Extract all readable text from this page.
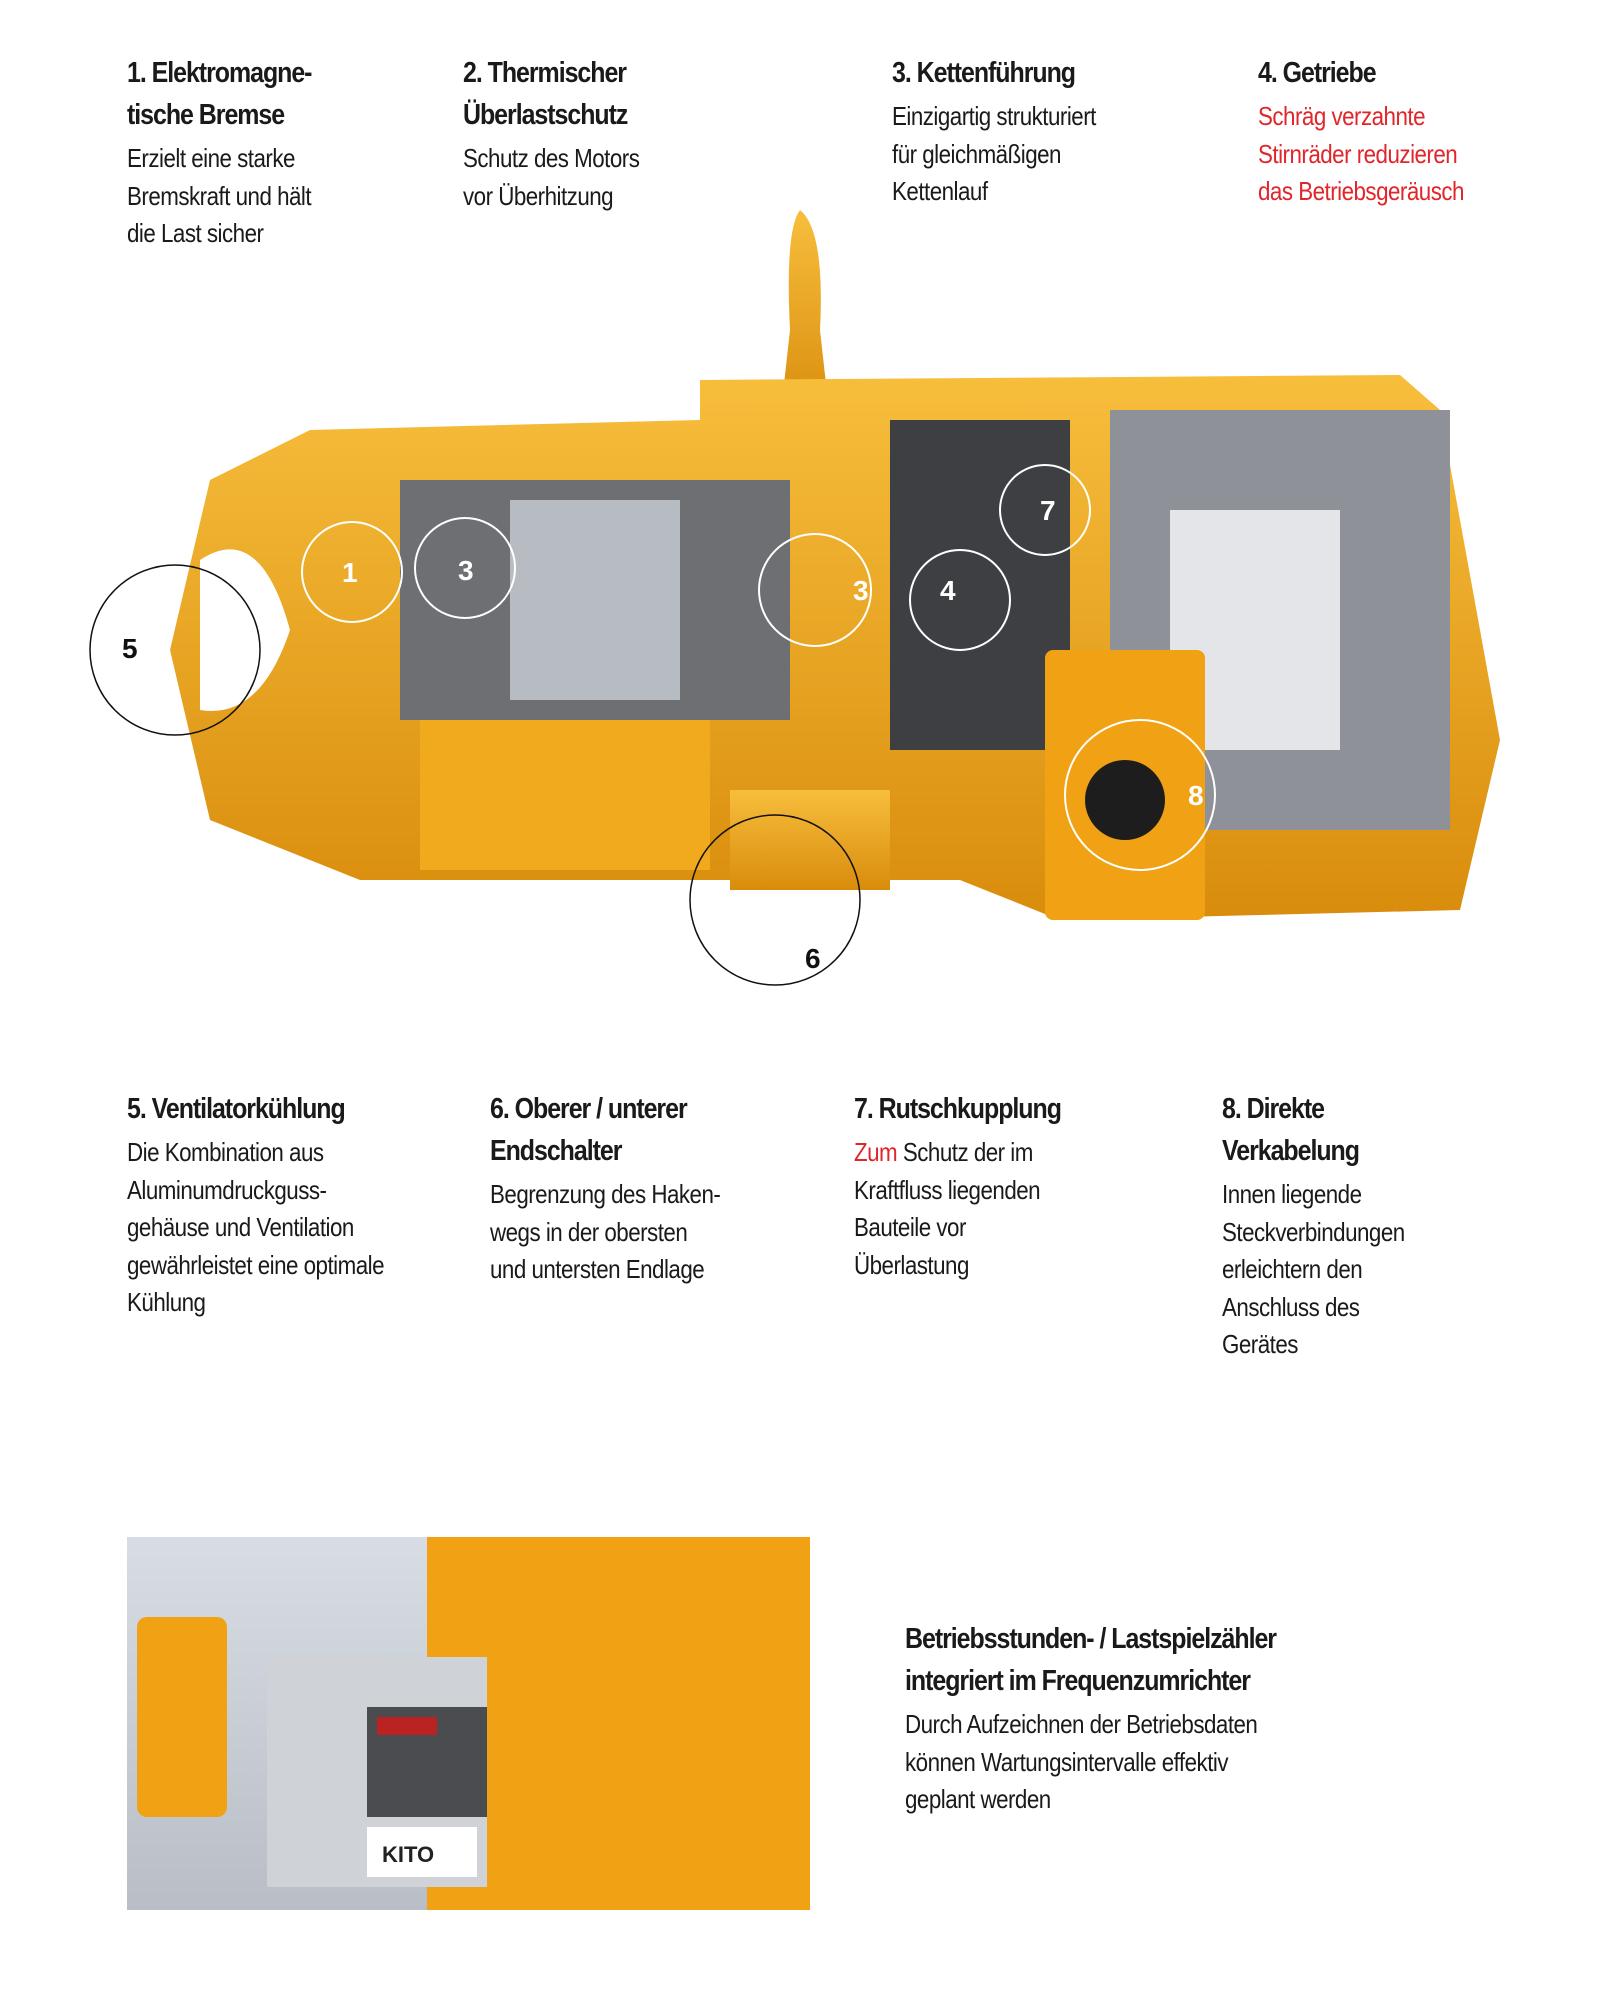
1. Elektromagne-
tische Bremse

Erzielt eine starke
Bremskraft und hält
die Last sicher

2. Thermischer
Überlastschutz

Schutz des Motors
vor Überhitzung

3. Kettenführung

Einzigartig strukturiert
für gleichmäßigen
Kettenlauf

4. Getriebe

Schräg verzahnte
Stirnräder reduzieren
das Betriebsgeräusch

1	3
3	4
7
8
5
6
5. Ventilatorkühlung

Die Kombination aus
Aluminumdruckguss-
gehäuse und Ventilation
gewährleistet eine optimale
Kühlung

6. Oberer / unterer
Endschalter

Begrenzung des Haken-
wegs in der obersten
und untersten Endlage

7. Rutschkupplung

Zum Schutz der im
Kraftfluss liegenden
Bauteile vor
Überlastung

8. Direkte
Verkabelung

Innen liegende
Steckverbindungen
erleichtern den
Anschluss des
Gerätes

KITO
Betriebsstunden- / Lastspielzähler
integriert im Frequenzumrichter

Durch Aufzeichnen der Betriebsdaten
können Wartungsintervalle effektiv
geplant werden
